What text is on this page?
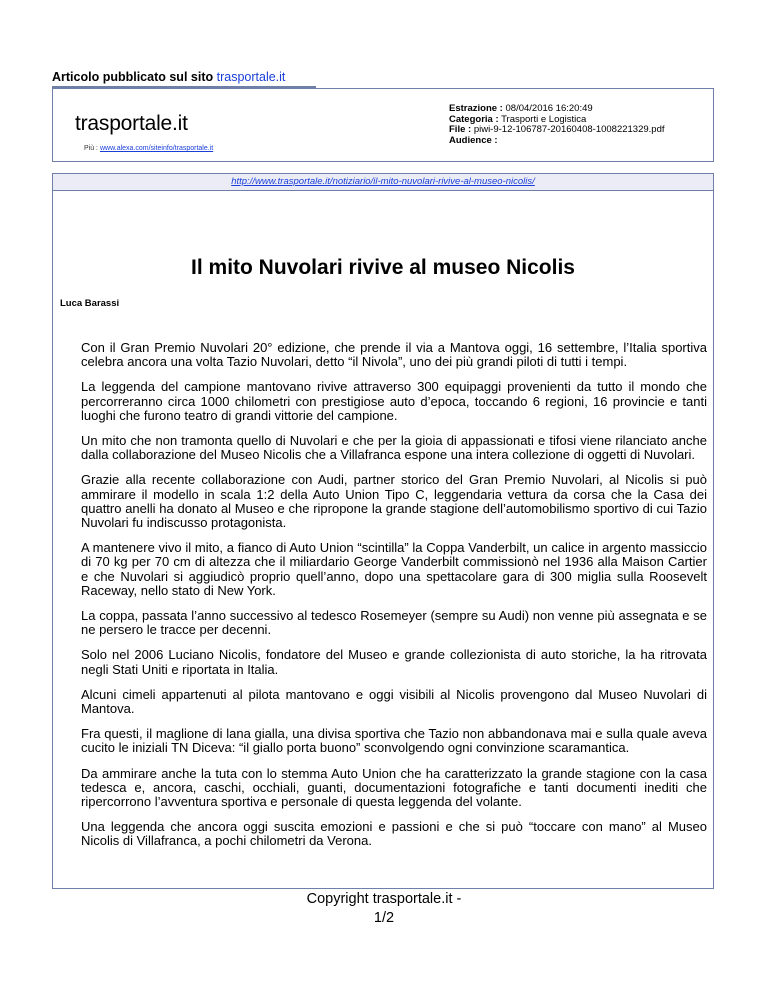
Articolo pubblicato sul sito trasportale.it
trasportale.it
Più : www.alexa.com/siteinfo/trasportale.it
Estrazione : 08/04/2016 16:20:49
Categoria : Trasporti e Logistica
File : piwi-9-12-106787-20160408-1008221329.pdf
Audience :
http://www.trasportale.it/notiziario/il-mito-nuvolari-rivive-al-museo-nicolis/
Il mito Nuvolari rivive al museo Nicolis
Luca Barassi

Con il Gran Premio Nuvolari 20° edizione, che prende il via a Mantova oggi, 16 settembre, l’Italia sportiva celebra ancora una volta Tazio Nuvolari, detto “il Nivola”, uno dei più grandi piloti di tutti i tempi.

La leggenda del campione mantovano rivive attraverso 300 equipaggi provenienti da tutto il mondo che percorreranno circa 1000 chilometri con prestigiose auto d’epoca, toccando 6 regioni, 16 provincie e tanti luoghi che furono teatro di grandi vittorie del campione.

Un mito che non tramonta quello di Nuvolari e che per la gioia di appassionati e tifosi viene rilanciato anche dalla collaborazione del Museo Nicolis che a Villafranca espone una intera collezione di oggetti di Nuvolari.

Grazie alla recente collaborazione con Audi, partner storico del Gran Premio Nuvolari, al Nicolis si può ammirare il modello in scala 1:2 della Auto Union Tipo C, leggendaria vettura da corsa che la Casa dei quattro anelli ha donato al Museo e che ripropone la grande stagione dell’automobilismo sportivo di cui Tazio Nuvolari fu indiscusso protagonista.

A mantenere vivo il mito, a fianco di Auto Union “scintilla” la Coppa Vanderbilt, un calice in argento massiccio di 70 kg per 70 cm di altezza che il miliardario George Vanderbilt commissionò nel 1936 alla Maison Cartier e che Nuvolari si aggiudicò proprio quell’anno, dopo una spettacolare gara di 300 miglia sulla Roosevelt Raceway, nello stato di New York.

La coppa, passata l’anno successivo al tedesco Rosemeyer (sempre su Audi) non venne più assegnata e se ne persero le tracce per decenni.

Solo nel 2006 Luciano Nicolis, fondatore del Museo e grande collezionista di auto storiche, la ha ritrovata negli Stati Uniti e riportata in Italia.

Alcuni cimeli appartenuti al pilota mantovano e oggi visibili al Nicolis provengono dal Museo Nuvolari di Mantova.

Fra questi, il maglione di lana gialla, una divisa sportiva che Tazio non abbandonava mai e sulla quale aveva cucito le iniziali TN Diceva: “il giallo porta buono” sconvolgendo ogni convinzione scaramantica.

Da ammirare anche la tuta con lo stemma Auto Union che ha caratterizzato la grande stagione con la casa tedesca e, ancora, caschi, occhiali, guanti, documentazioni fotografiche e tanti documenti inediti che ripercorrono l’avventura sportiva e personale di questa leggenda del volante.

Una leggenda che ancora oggi suscita emozioni e passioni e che si può “toccare con mano” al Museo Nicolis di Villafranca, a pochi chilometri da Verona.

Copyright trasportale.it -
1/2
